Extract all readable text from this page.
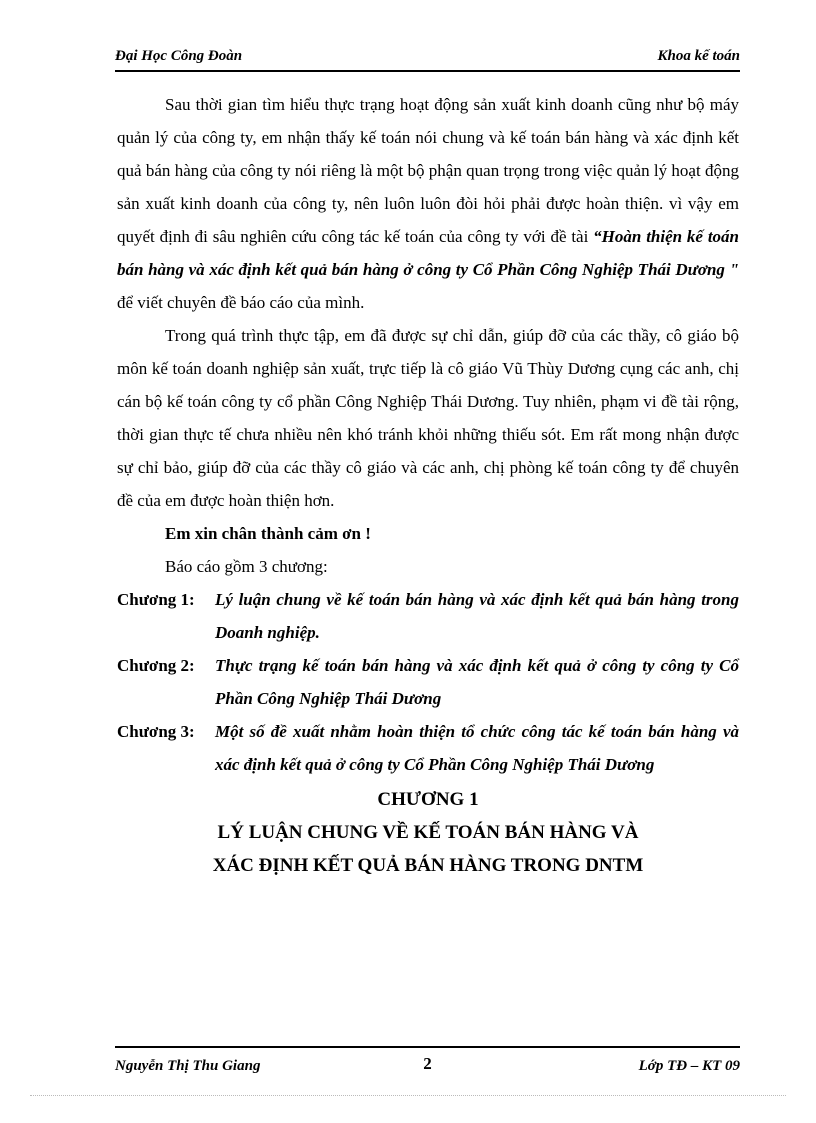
Đại Học Công Đoàn	Khoa kế toán

Sau thời gian tìm hiểu thực trạng hoạt động sản xuất kinh doanh cũng như bộ máy quản lý của công ty, em nhận thấy kế toán nói chung và kế toán bán hàng và xác định kết quả bán hàng của công ty nói riêng là một bộ phận quan trọng trong việc quản lý hoạt động sản xuất kinh doanh của công ty, nên luôn luôn đòi hỏi phải được hoàn thiện. vì vậy em quyết định đi sâu nghiên cứu công tác kế toán của công ty với đề tài “Hoàn thiện kế toán bán hàng và xác định kết quả bán hàng ở công ty Cổ Phần Công Nghiệp Thái Dương " để viết chuyên đề báo cáo của mình.

Trong quá trình thực tập, em đã được sự chỉ dẫn, giúp đỡ của các thầy, cô giáo bộ môn kế toán doanh nghiệp sản xuất, trực tiếp là cô giáo Vũ Thùy Dương cụng các anh, chị cán bộ kế toán công ty cổ phần Công Nghiệp Thái Dương. Tuy nhiên, phạm vi đề tài rộng, thời gian thực tế chưa nhiều nên khó tránh khỏi những thiếu sót. Em rất mong nhận được sự chỉ bảo, giúp đỡ của các thầy cô giáo và các anh, chị phòng kế toán công ty để chuyên đề của em được hoàn thiện hơn.

Em xin chân thành cảm ơn !

Báo cáo gồm 3 chương:

Chương 1:	Lý luận chung về kế toán bán hàng và xác định kết quả bán hàng trong Doanh nghiệp.
Chương 2:	Thực trạng kế toán bán hàng và xác định kết quả ở công ty công ty Cổ Phần Công Nghiệp Thái Dương
Chương 3:	Một số đề xuất nhằm hoàn thiện tổ chức công tác kế toán bán hàng và xác định kết quả ở công ty Cổ Phần Công Nghiệp Thái Dương

CHƯƠNG 1

LÝ LUẬN CHUNG VỀ KẾ TOÁN BÁN HÀNG VÀ

XÁC ĐỊNH KẾT QUẢ BÁN HÀNG TRONG DNTM

Nguyễn Thị Thu Giang	2	Lớp TĐ – KT 09
